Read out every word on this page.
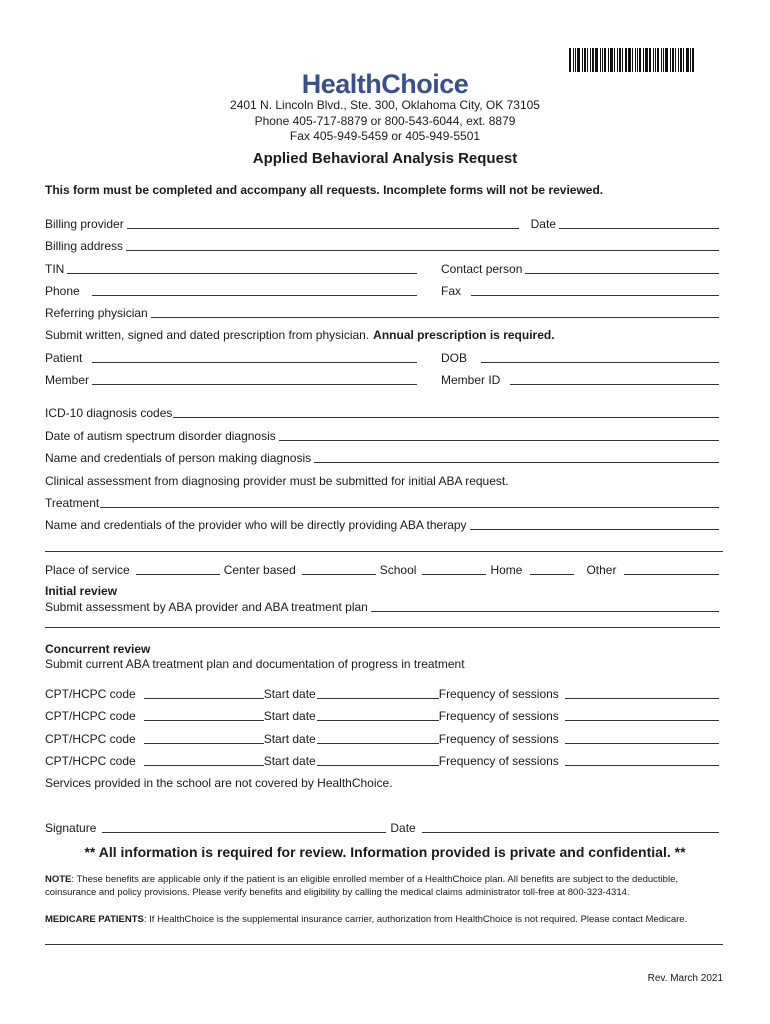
HealthChoice
2401 N. Lincoln Blvd., Ste. 300, Oklahoma City, OK 73105
Phone 405-717-8879 or 800-543-6044, ext. 8879
Fax 405-949-5459 or 405-949-5501
Applied Behavioral Analysis Request
This form must be completed and accompany all requests. Incomplete forms will not be reviewed.
Billing provider	Date
Billing address
TIN	Contact person
Phone	Fax
Referring physician
Submit written, signed and dated prescription from physician. Annual prescription is required.
Patient	DOB
Member	Member ID
ICD-10 diagnosis codes
Date of autism spectrum disorder diagnosis
Name and credentials of person making diagnosis
Clinical assessment from diagnosing provider must be submitted for initial ABA request.
Treatment
Name and credentials of the provider who will be directly providing ABA therapy
Place of service	Center based	School	Home	Other
Initial review
Submit assessment by ABA provider and ABA treatment plan
Concurrent review
Submit current ABA treatment plan and documentation of progress in treatment
CPT/HCPC code	Start date	Frequency of sessions
CPT/HCPC code	Start date	Frequency of sessions
CPT/HCPC code	Start date	Frequency of sessions
CPT/HCPC code	Start date	Frequency of sessions
Services provided in the school are not covered by HealthChoice.
Signature	Date
** All information is required for review. Information provided is private and confidential. **
NOTE: These benefits are applicable only if the patient is an eligible enrolled member of a HealthChoice plan. All benefits are subject to the deductible, coinsurance and policy provisions. Please verify benefits and eligibility by calling the medical claims administrator toll-free at 800-323-4314.
MEDICARE PATIENTS: If HealthChoice is the supplemental insurance carrier, authorization from HealthChoice is not required. Please contact Medicare.
Rev. March 2021
